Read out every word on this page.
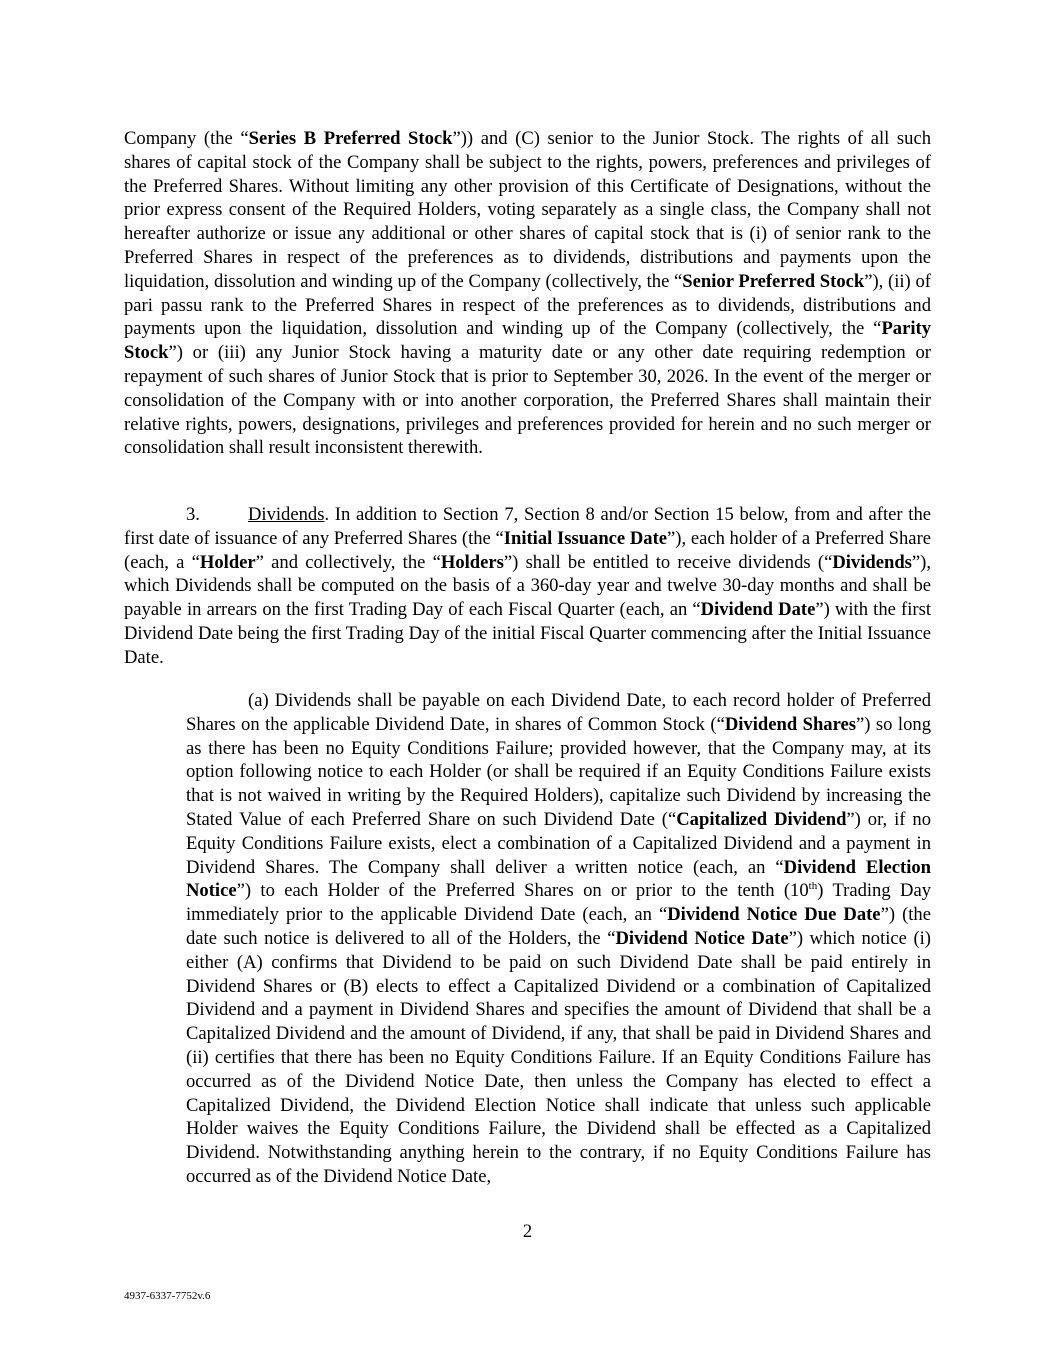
Company (the “Series B Preferred Stock”)) and (C) senior to the Junior Stock. The rights of all such shares of capital stock of the Company shall be subject to the rights, powers, preferences and privileges of the Preferred Shares. Without limiting any other provision of this Certificate of Designations, without the prior express consent of the Required Holders, voting separately as a single class, the Company shall not hereafter authorize or issue any additional or other shares of capital stock that is (i) of senior rank to the Preferred Shares in respect of the preferences as to dividends, distributions and payments upon the liquidation, dissolution and winding up of the Company (collectively, the “Senior Preferred Stock”), (ii) of pari passu rank to the Preferred Shares in respect of the preferences as to dividends, distributions and payments upon the liquidation, dissolution and winding up of the Company (collectively, the “Parity Stock”) or (iii) any Junior Stock having a maturity date or any other date requiring redemption or repayment of such shares of Junior Stock that is prior to September 30, 2026. In the event of the merger or consolidation of the Company with or into another corporation, the Preferred Shares shall maintain their relative rights, powers, designations, privileges and preferences provided for herein and no such merger or consolidation shall result inconsistent therewith.

3.	Dividends. In addition to Section 7, Section 8 and/or Section 15 below, from and after the first date of issuance of any Preferred Shares (the “Initial Issuance Date”), each holder of a Preferred Share (each, a “Holder” and collectively, the “Holders”) shall be entitled to receive dividends (“Dividends”), which Dividends shall be computed on the basis of a 360-day year and twelve 30-day months and shall be payable in arrears on the first Trading Day of each Fiscal Quarter (each, an “Dividend Date”) with the first Dividend Date being the first Trading Day of the initial Fiscal Quarter commencing after the Initial Issuance Date.

(a) Dividends shall be payable on each Dividend Date, to each record holder of Preferred Shares on the applicable Dividend Date, in shares of Common Stock (“Dividend Shares”) so long as there has been no Equity Conditions Failure; provided however, that the Company may, at its option following notice to each Holder (or shall be required if an Equity Conditions Failure exists that is not waived in writing by the Required Holders), capitalize such Dividend by increasing the Stated Value of each Preferred Share on such Dividend Date (“Capitalized Dividend”) or, if no Equity Conditions Failure exists, elect a combination of a Capitalized Dividend and a payment in Dividend Shares. The Company shall deliver a written notice (each, an “Dividend Election Notice”) to each Holder of the Preferred Shares on or prior to the tenth (10th) Trading Day immediately prior to the applicable Dividend Date (each, an “Dividend Notice Due Date”) (the date such notice is delivered to all of the Holders, the “Dividend Notice Date”) which notice (i) either (A) confirms that Dividend to be paid on such Dividend Date shall be paid entirely in Dividend Shares or (B) elects to effect a Capitalized Dividend or a combination of Capitalized Dividend and a payment in Dividend Shares and specifies the amount of Dividend that shall be a Capitalized Dividend and the amount of Dividend, if any, that shall be paid in Dividend Shares and (ii) certifies that there has been no Equity Conditions Failure. If an Equity Conditions Failure has occurred as of the Dividend Notice Date, then unless the Company has elected to effect a Capitalized Dividend, the Dividend Election Notice shall indicate that unless such applicable Holder waives the Equity Conditions Failure, the Dividend shall be effected as a Capitalized Dividend. Notwithstanding anything herein to the contrary, if no Equity Conditions Failure has occurred as of the Dividend Notice Date,

2
4937-6337-7752v.6
